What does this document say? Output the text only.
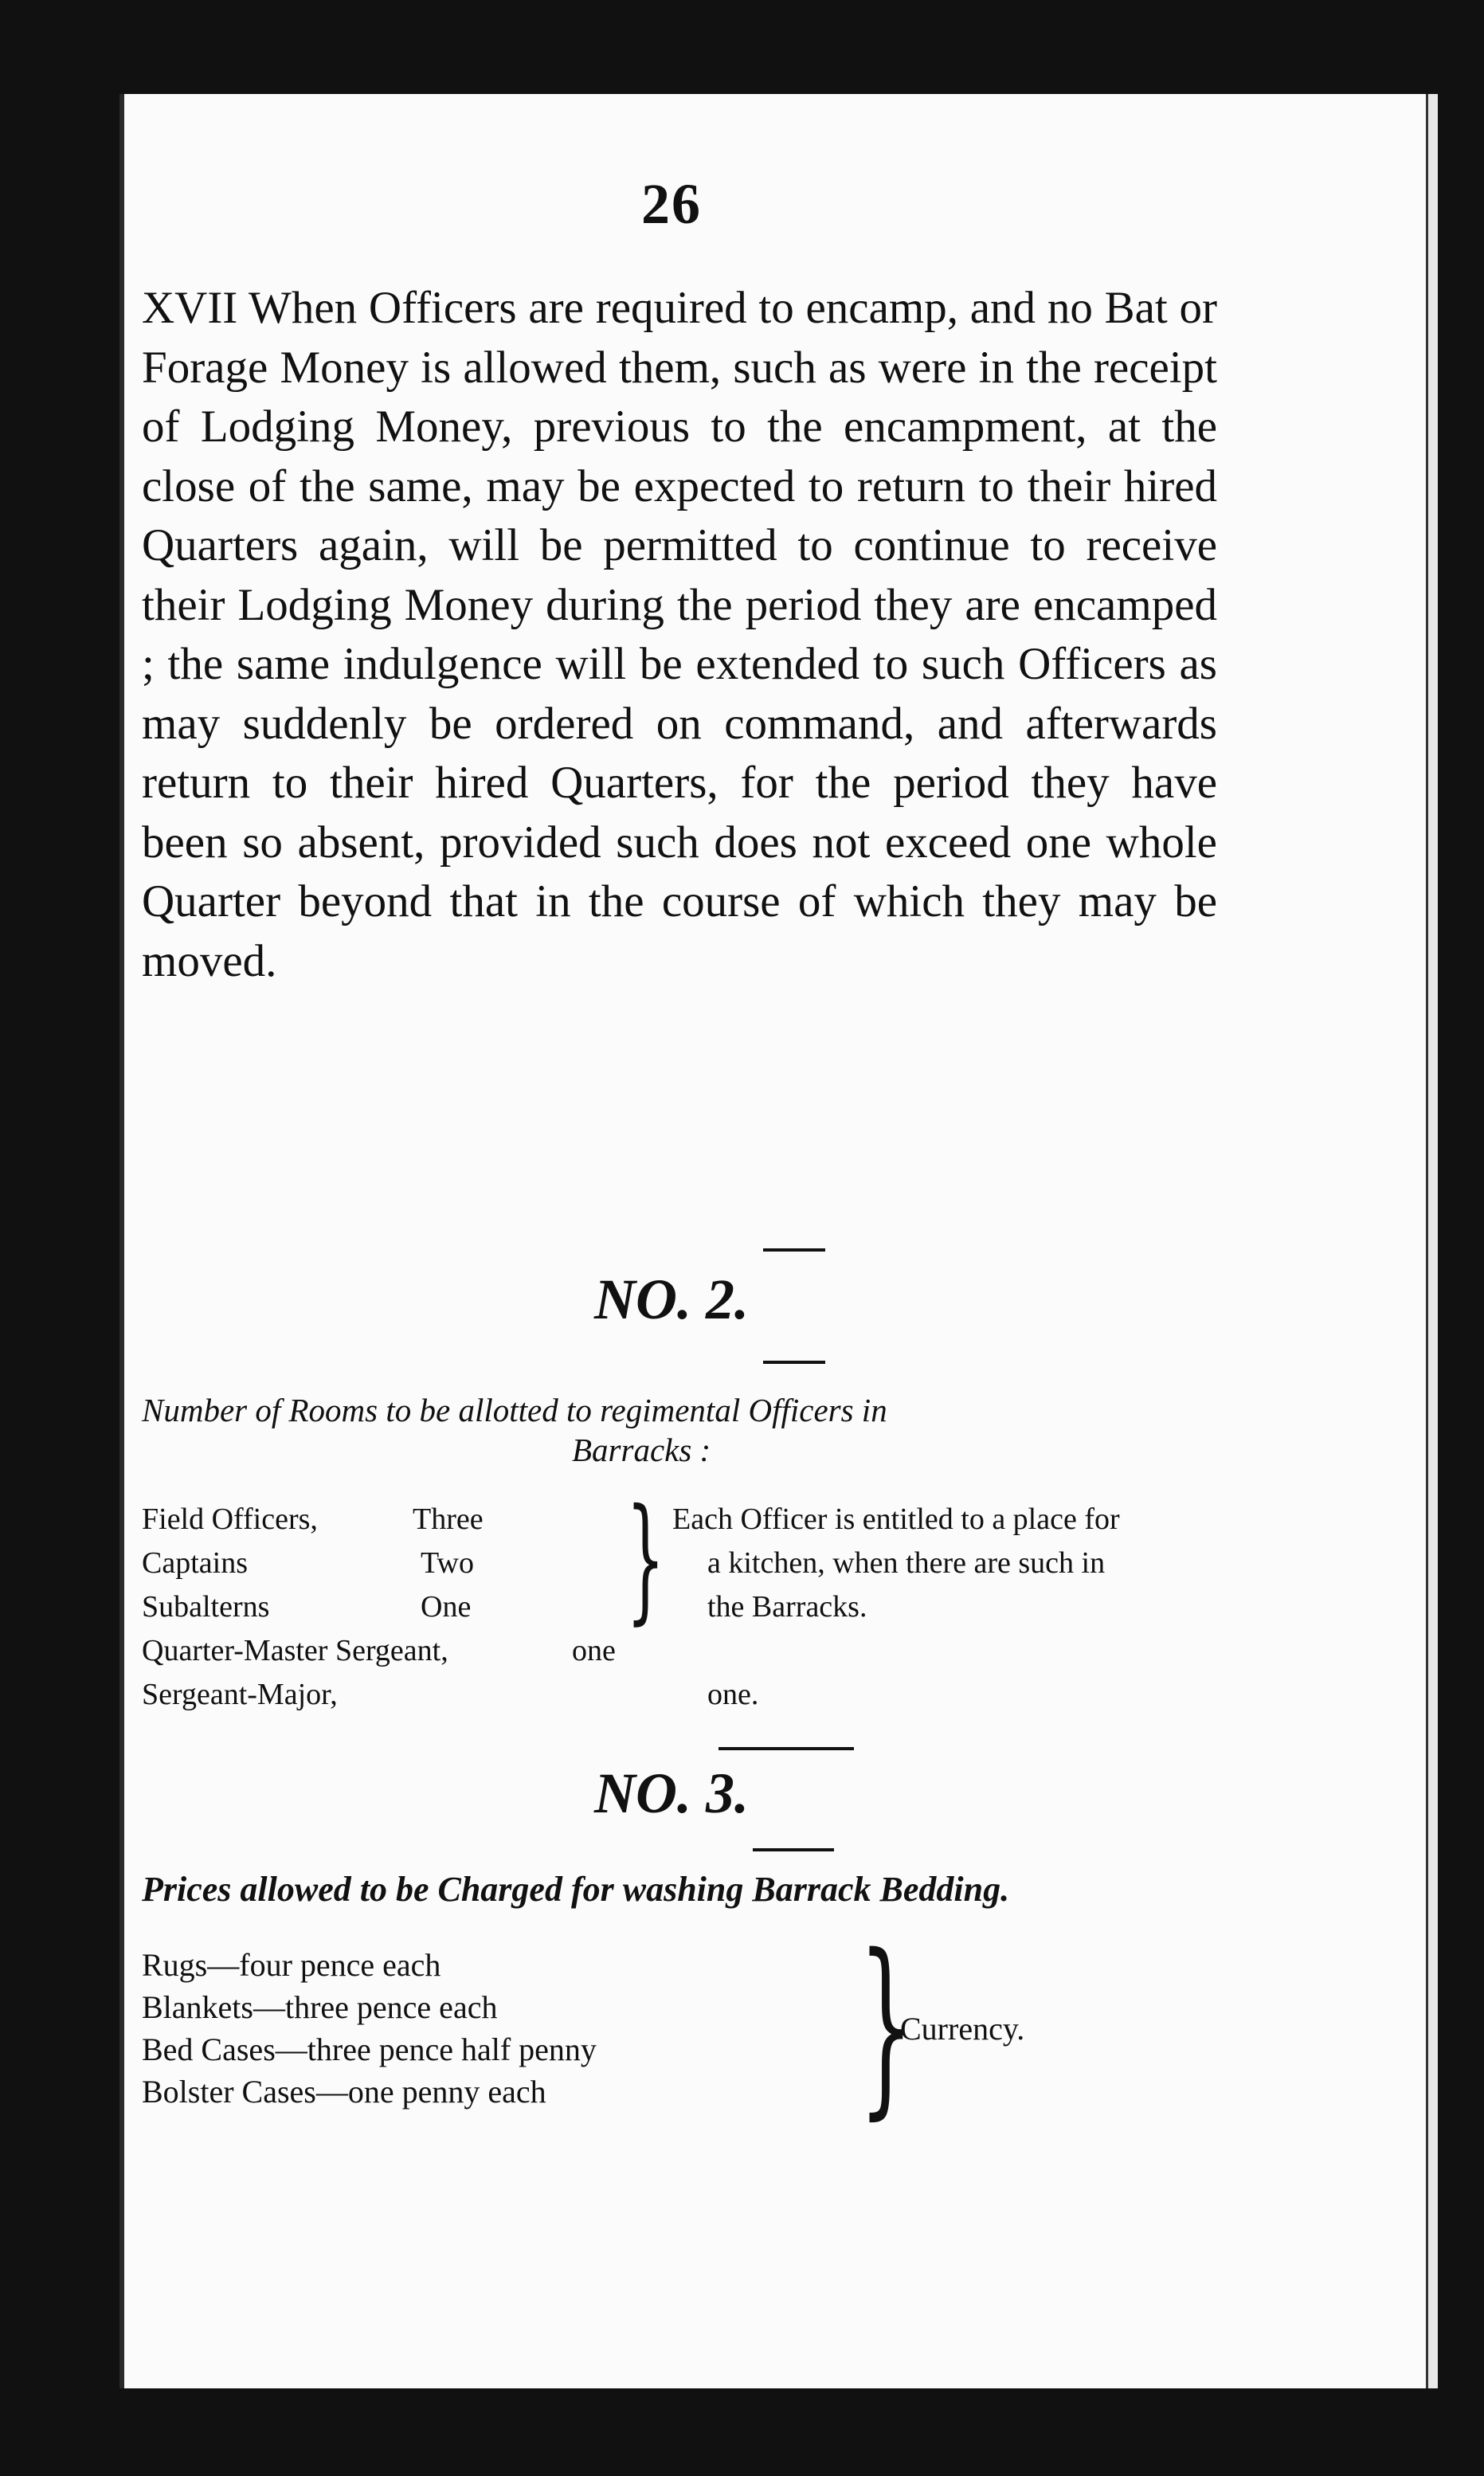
26

XVII When Officers are required to encamp, and no Bat or Forage Money is allowed them, such as were in the receipt of Lodging Money, previous to the encampment, at the close of the same, may be expected to return to their hired Quarters again, will be permitted to continue to receive their Lodging Money during the period they are encamped ; the same indulgence will be extended to such Officers as may suddenly be ordered on command, and afterwards return to their hired Quarters, for the period they have been so absent, provided such does not exceed one whole Quarter beyond that in the course of which they may be moved.

NO. 2.
Number of Rooms to be allotted to regimental Officers in
Barracks :
Field Officers,	Three
Captains	Two
Subalterns	One } Each Officer is entitled to a place for
a kitchen, when there are such in
the Barracks.
Quarter-Master Sergeant,	one
Sergeant-Major,	one.
NO. 3.
Prices allowed to be Charged for washing Barrack Bedding.
Rugs—four pence each
Blankets—three pence each
Bed Cases—three pence half penny
Bolster Cases—one penny each }
Currency.
